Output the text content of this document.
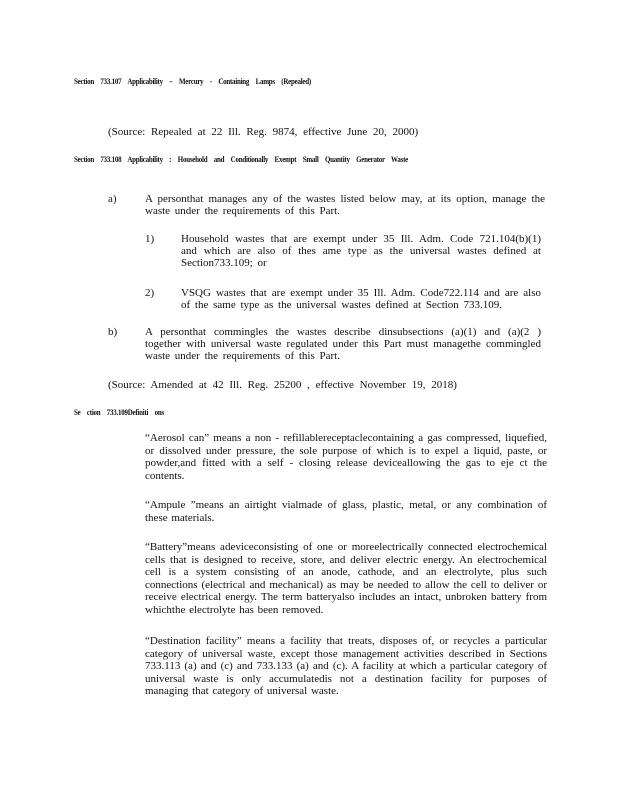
Section 733.107 Applicability – Mercury - Containing Lamps (Repealed)
(Source: Repealed at 22 Ill. Reg. 9874, effective June 20, 2000)
Section 733.108 Applicability : Household and Conditionally Exempt Small Quantity Generator Waste
a)	A personthat manages any of the wastes listed below may, at its option, manage the waste under the requirements of this Part.
1) Household wastes that are exempt under 35 Ill. Adm. Code 721.104(b)(1) and which are also of thes ame type as the universal wastes defined at Section733.109; or
2) VSQG wastes that are exempt under 35 Ill. Adm. Code722.114 and are also of the same type as the universal wastes defined at Section 733.109.
b)	A personthat commingles the wastes describe dinsubsections (a)(1) and (a)(2 ) together with universal waste regulated under this Part must managethe commingled waste under the requirements of this Part.
(Source: Amended at 42 Ill. Reg. 25200 , effective November 19, 2018)
Se ction 733.109Definiti ons
“Aerosol can” means a non - refillablereceptaclecontaining a gas compressed, liquefied, or dissolved under pressure, the sole purpose of which is to expel a liquid, paste, or powder,and fitted with a self - closing release deviceallowing the gas to eje ct the contents.
“Ampule ”means an airtight vialmade of glass, plastic, metal, or any combination of these materials.
“Battery”means adeviceconsisting of one or moreelectrically connected electrochemical cells that is designed to receive, store, and deliver electric energy. An electrochemical cell is a system consisting of an anode, cathode, and an electrolyte, plus such connections (electrical and mechanical) as may be needed to allow the cell to deliver or receive electrical energy. The term batteryalso includes an intact, unbroken battery from whichthe electrolyte has been removed.
“Destination facility” means a facility that treats, disposes of, or recycles a particular category of universal waste, except those management activities described in Sections 733.113 (a) and (c) and 733.133 (a) and (c). A facility at which a particular category of universal waste is only accumulatedis not a destination facility for purposes of managing that category of universal waste.
